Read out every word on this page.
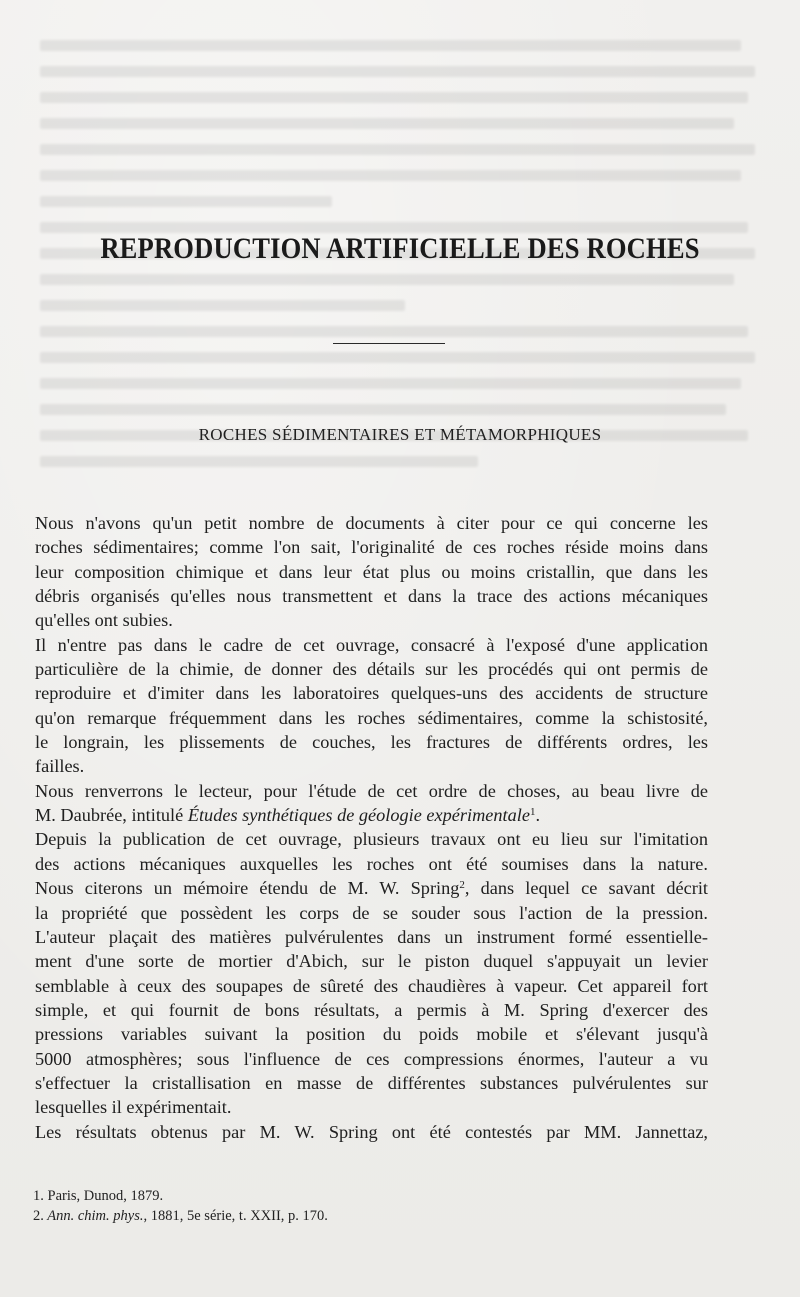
REPRODUCTION ARTIFICIELLE DES ROCHES
ROCHES SÉDIMENTAIRES ET MÉTAMORPHIQUES

Nous n'avons qu'un petit nombre de documents à citer pour ce qui concerne les
roches sédimentaires; comme l'on sait, l'originalité de ces roches réside moins dans
leur composition chimique et dans leur état plus ou moins cristallin, que dans les
débris organisés qu'elles nous transmettent et dans la trace des actions mécaniques
qu'elles ont subies.

Il n'entre pas dans le cadre de cet ouvrage, consacré à l'exposé d'une application
particulière de la chimie, de donner des détails sur les procédés qui ont permis de
reproduire et d'imiter dans les laboratoires quelques-uns des accidents de structure
qu'on remarque fréquemment dans les roches sédimentaires, comme la schistosité,
le longrain, les plissements de couches, les fractures de différents ordres, les
failles.

Nous renverrons le lecteur, pour l'étude de cet ordre de choses, au beau livre de
M. Daubrée, intitulé Études synthétiques de géologie expérimentale$^1$.

Depuis la publication de cet ouvrage, plusieurs travaux ont eu lieu sur l'imitation
des actions mécaniques auxquelles les roches ont été soumises dans la nature.
Nous citerons un mémoire étendu de M. W. Spring$^2$, dans lequel ce savant décrit
la propriété que possèdent les corps de se souder sous l'action de la pression.
L'auteur plaçait des matières pulvérulentes dans un instrument formé essentielle-
ment d'une sorte de mortier d'Abich, sur le piston duquel s'appuyait un levier
semblable à ceux des soupapes de sûreté des chaudières à vapeur. Cet appareil fort
simple, et qui fournit de bons résultats, a permis à M. Spring d'exercer des
pressions variables suivant la position du poids mobile et s'élevant jusqu'à
5000 atmosphères; sous l'influence de ces compressions énormes, l'auteur a vu
s'effectuer la cristallisation en masse de différentes substances pulvérulentes sur
lesquelles il expérimentait.

Les résultats obtenus par M. W. Spring ont été contestés par MM. Jannettaz,

1. Paris, Dunod, 1879.
2. Ann. chim. phys., 1881, 5e série, t. XXII, p. 170.
